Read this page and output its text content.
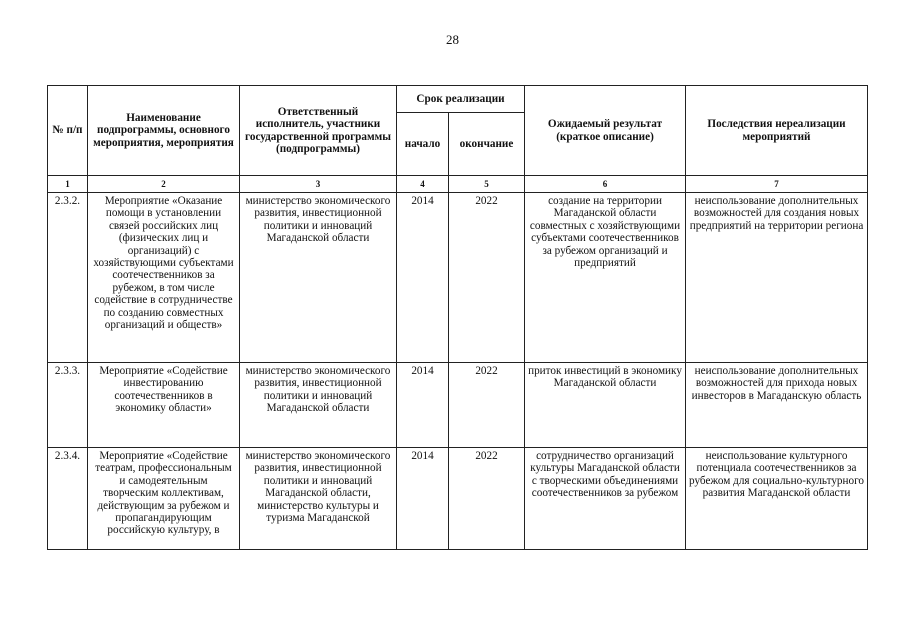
28
№ п/п	Наименование подпрограммы, основного мероприятия, мероприятия	Ответственный исполнитель, участники государственной программы (подпрограммы)	Срок реализации		Ожидаемый результат (краткое описание)	Последствия нереализации мероприятий
			начало	окончание		
1	2	3	4	5	6	7
2.3.2.	Мероприятие «Оказание помощи в установлении связей российских лиц (физических лиц и организаций) с хозяйствующими субъектами соотечественников за рубежом, в том числе содействие в сотрудничестве по созданию совместных организаций и обществ»	министерство экономического развития, инвестиционной политики и инноваций Магаданской области	2014	2022	создание на территории Магаданской области совместных с хозяйствующими субъектами соотечественников за рубежом организаций и предприятий	неиспользование дополнительных возможностей для создания новых предприятий на территории региона
2.3.3.	Мероприятие «Содействие инвестированию соотечественников в экономику области»	министерство экономического развития, инвестиционной политики и инноваций Магаданской области	2014	2022	приток инвестиций в экономику Магаданской области	неиспользование дополнительных возможностей для прихода новых инвесторов в Магаданскую область
2.3.4.	Мероприятие «Содействие театрам, профессиональным и самодеятельным творческим коллективам, действующим за рубежом и пропагандирующим российскую культуру, в	министерство экономического развития, инвестиционной политики и инноваций Магаданской области, министерство культуры и туризма Магаданской	2014	2022	сотрудничество организаций культуры Магаданской области с творческими объединениями соотечественников за рубежом	неиспользование культурного потенциала соотечественников за рубежом для социально-культурного развития Магаданской области
